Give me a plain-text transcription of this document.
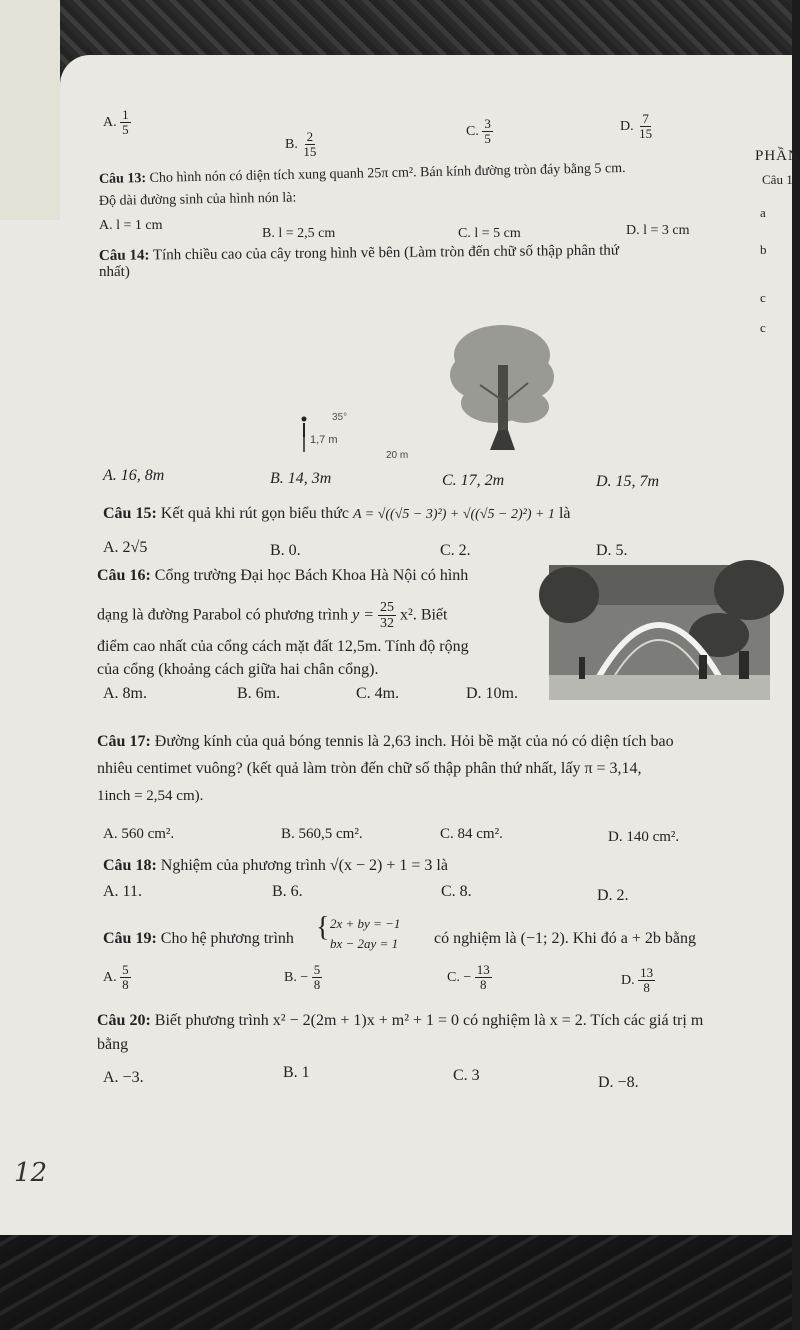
A. $\frac{1}{5}$
B. $\frac{2}{15}$	C. $\frac{3}{5}$	D. $\frac{7}{15}$
PHẦN
Câu 1
a
b
c
c
Câu 13: Cho hình nón có diện tích xung quanh 25π cm². Bán kính đường tròn đáy bằng 5 cm.
Độ dài đường sinh của hình nón là:
A. l = 1 cm
B. l = 2,5 cm	C. l = 5 cm	D. l = 3 cm
Câu 14: Tính chiều cao của cây trong hình vẽ bên (Làm tròn đến chữ số thập phân thứ
nhất)
35°
1,7 m
20 m
A. 16, 8m	B. 14, 3m	C. 17, 2m	D. 15, 7m
Câu 15: Kết quả khi rút gọn biểu thức A = √((√5 − 3)²) + √((√5 − 2)²) + 1 là
A. 2√5	B. 0.	C. 2.	D. 5.
Câu 16: Cổng trường Đại học Bách Khoa Hà Nội có hình
dạng là đường Parabol có phương trình $y = \frac{25}{32} x^2$. Biết
điểm cao nhất của cổng cách mặt đất 12,5m. Tính độ rộng
của cổng (khoảng cách giữa hai chân cổng).
A. 8m.	B. 6m.	C. 4m.	D. 10m.
Câu 17: Đường kính của quả bóng tennis là 2,63 inch. Hỏi bề mặt của nó có diện tích bao
nhiêu centimet vuông? (kết quả làm tròn đến chữ số thập phân thứ nhất, lấy π = 3,14,
1inch = 2,54 cm).
A. 560 cm².	B. 560,5 cm².	C. 84 cm².	D. 140 cm².
Câu 18: Nghiệm của phương trình √(x − 2) + 1 = 3 là
A. 11.	B. 6.	C. 8.	D. 2.
Câu 19: Cho hệ phương trình { 2x + by = −1
bx − 2ay = 1 có nghiệm là (−1; 2). Khi đó a + 2b bằng
A. $\frac{5}{8}$	B. − $\frac{5}{8}$	C. − $\frac{13}{8}$	D. $\frac{13}{8}$
Câu 20: Biết phương trình x² − 2(2m + 1)x + m² + 1 = 0 có nghiệm là x = 2. Tích các giá trị m
bằng
A. −3.	B. 1	C. 3	D. −8.
12
